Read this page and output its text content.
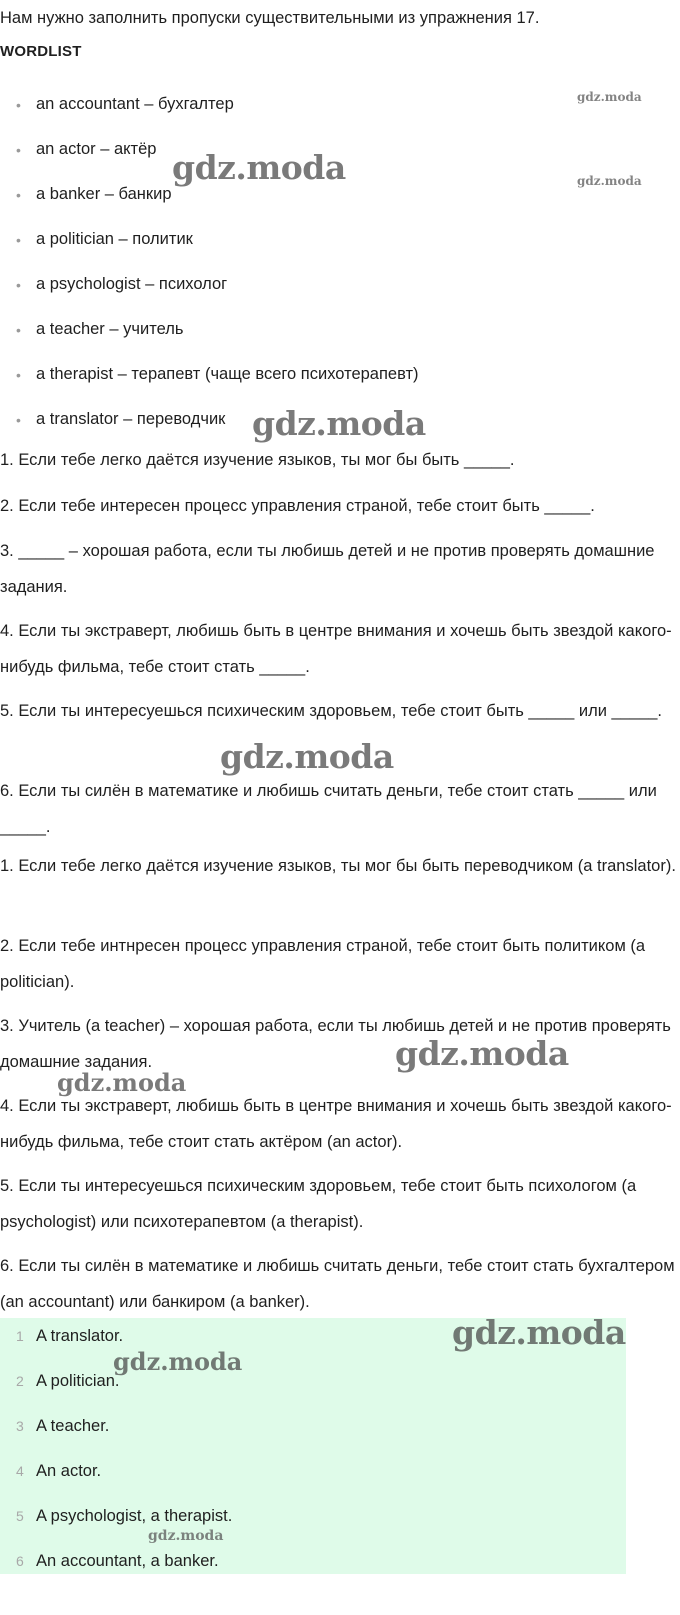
Нам нужно заполнить пропуски существительными из упражнения 17.
WORDLIST
• an accountant – бухгалтер
• an actor – актёр
• a banker – банкир
• a politician – политик
• a psychologist – психолог
• a teacher – учитель
• a therapist – терапевт (чаще всего психотерапевт)
• a translator – переводчик

1. Если тебе легко даётся изучение языков, ты мог бы быть _____.

2. Если тебе интересен процесс управления страной, тебе стоит быть _____.

3. _____ – хорошая работа, если ты любишь детей и не против проверять домашние задания.

4. Если ты экстраверт, любишь быть в центре внимания и хочешь быть звездой какого-нибудь фильма, тебе стоит стать _____.

5. Если ты интересуешься психическим здоровьем, тебе стоит быть _____ или _____.

6. Если ты силён в математике и любишь считать деньги, тебе стоит стать _____ или _____.

1. Если тебе легко даётся изучение языков, ты мог бы быть переводчиком (a translator).

2. Если тебе интнресен процесс управления страной, тебе стоит быть политиком (a politician).

3. Учитель (a teacher) – хорошая работа, если ты любишь детей и не против проверять домашние задания.

4. Если ты экстраверт, любишь быть в центре внимания и хочешь быть звездой какого-нибудь фильма, тебе стоит стать актёром (an actor).

5. Если ты интересуешься психическим здоровьем, тебе стоит быть психологом (a psychologist) или психотерапевтом (a therapist).

6. Если ты силён в математике и любишь считать деньги, тебе стоит стать бухгалтером (an accountant) или банкиром (a banker).

1 A translator.
2 A politician.
3 A teacher.
4 An actor.
5 A psychologist, a therapist.
6 An accountant, a banker.
gdz.moda
gdz.moda	gdz.moda
gdz.moda
gdz.moda
gdz.moda
gdz.moda
gdz.moda
gdz.moda
gdz.moda
